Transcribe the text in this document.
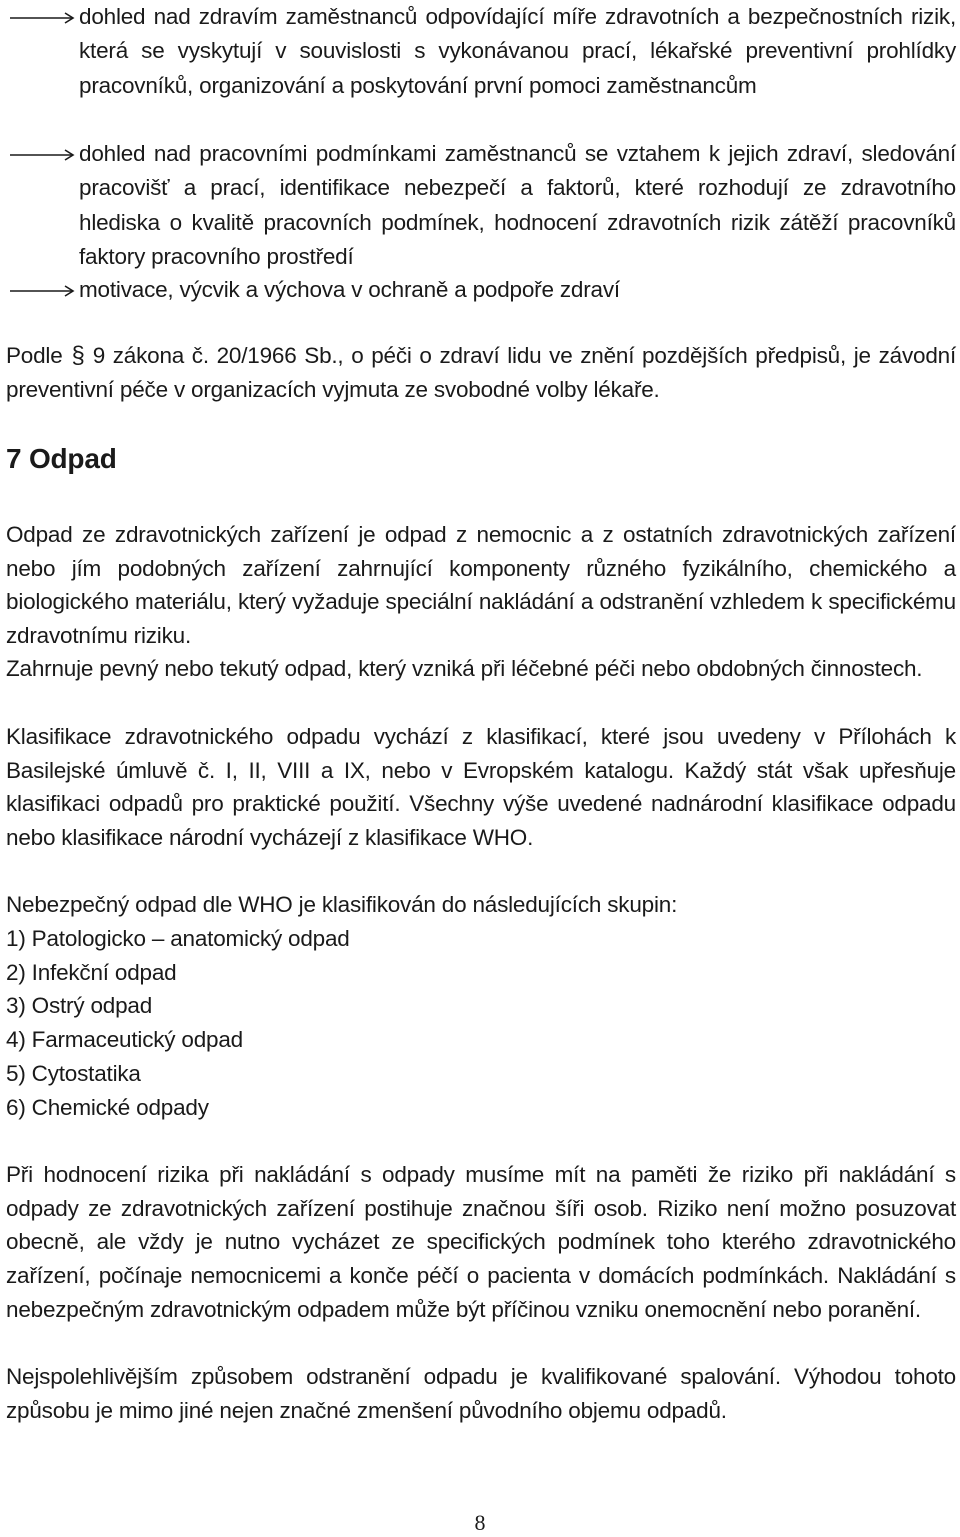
dohled nad zdravím zaměstnanců odpovídající míře zdravotních a bezpečnostních rizik, která se vyskytují v souvislosti s vykonávanou prací, lékařské preventivní prohlídky pracovníků, organizování a poskytování první pomoci zaměstnancům
dohled nad pracovními podmínkami zaměstnanců se vztahem k jejich zdraví, sledování pracovišť a prací, identifikace nebezpečí a faktorů, které rozhodují ze zdravotního hlediska o kvalitě pracovních podmínek, hodnocení zdravotních rizik zátěží pracovníků faktory pracovního prostředí
motivace, výcvik a výchova v ochraně a podpoře zdraví

Podle § 9 zákona č. 20/1966 Sb., o péči o zdraví lidu ve znění pozdějších předpisů, je závodní preventivní péče v organizacích vyjmuta ze svobodné volby lékaře.

7 Odpad

Odpad ze zdravotnických zařízení je odpad z nemocnic a z ostatních zdravotnických zařízení nebo jím podobných zařízení zahrnující komponenty různého fyzikálního, chemického a biologického materiálu, který vyžaduje speciální nakládání a odstranění vzhledem k specifickému zdravotnímu riziku.

Zahrnuje pevný nebo tekutý odpad, který vzniká při léčebné péči nebo obdobných činnostech.

Klasifikace zdravotnického odpadu vychází z klasifikací, které jsou uvedeny v Přílohách k Basilejské úmluvě č. I, II, VIII a IX, nebo v Evropském katalogu. Každý stát však upřesňuje klasifikaci odpadů pro praktické použití. Všechny výše uvedené nadnárodní klasifikace odpadu nebo klasifikace národní vycházejí z klasifikace WHO.

Nebezpečný odpad dle WHO je klasifikován do následujících skupin:

1) Patologicko – anatomický odpad
2) Infekční odpad
3) Ostrý odpad
4) Farmaceutický odpad
5) Cytostatika
6) Chemické odpady

Při hodnocení rizika při nakládání s odpady musíme mít na paměti že riziko při nakládání s odpady ze zdravotnických zařízení postihuje značnou šíři osob. Riziko není možno posuzovat obecně, ale vždy je nutno vycházet ze specifických podmínek toho kterého zdravotnického zařízení, počínaje nemocnicemi a konče péčí o pacienta v domácích podmínkách. Nakládání s nebezpečným zdravotnickým odpadem může být příčinou vzniku onemocnění nebo poranění.

Nejspolehlivějším způsobem odstranění odpadu je kvalifikované spalování. Výhodou tohoto způsobu je mimo jiné nejen značné zmenšení původního objemu odpadů.

8
